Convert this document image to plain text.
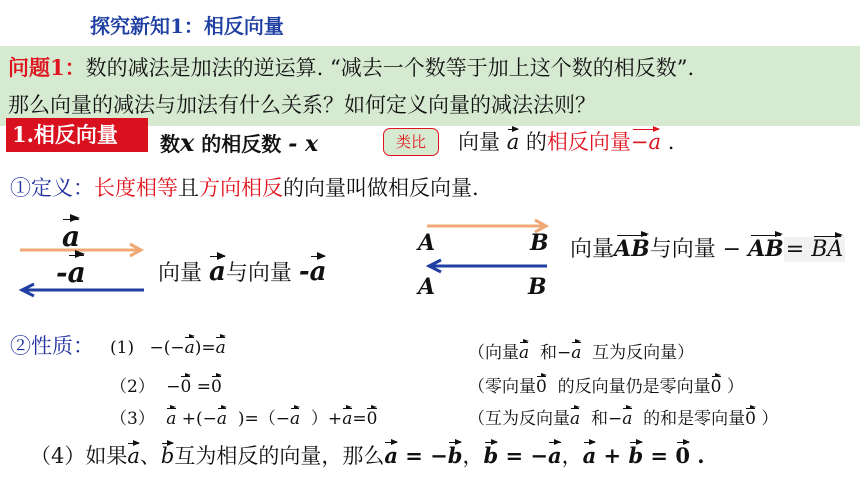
探究新知1：相反向量
问题1：数的减法是加法的逆运算. “减去一个数等于加上这个数的相反数”.
那么向量的减法与加法有什么关系？如何定义向量的减法法则？
1.相反向量	数x 的相反数 - x	类比	向量 a 的相反向量−a .
①定义：长度相等且方向相反的向量叫做相反向量.
a
-a	向量 a与向量 -a
A	B
A	B
向量AB与向量 − AB= BA
②性质： (1) −(−a)=a	（向量a  和−a  互为反向量）
（2） −0 =0	（零向量0  的反向量仍是零向量0 ）
（3） a +(−a  )=（−a  ）+a=0	（互为反向量a  和−a  的和是零向量0 ）
（4）如果a、b互为相反的向量，那么a = −b，b = −a，a + b = 0 .
